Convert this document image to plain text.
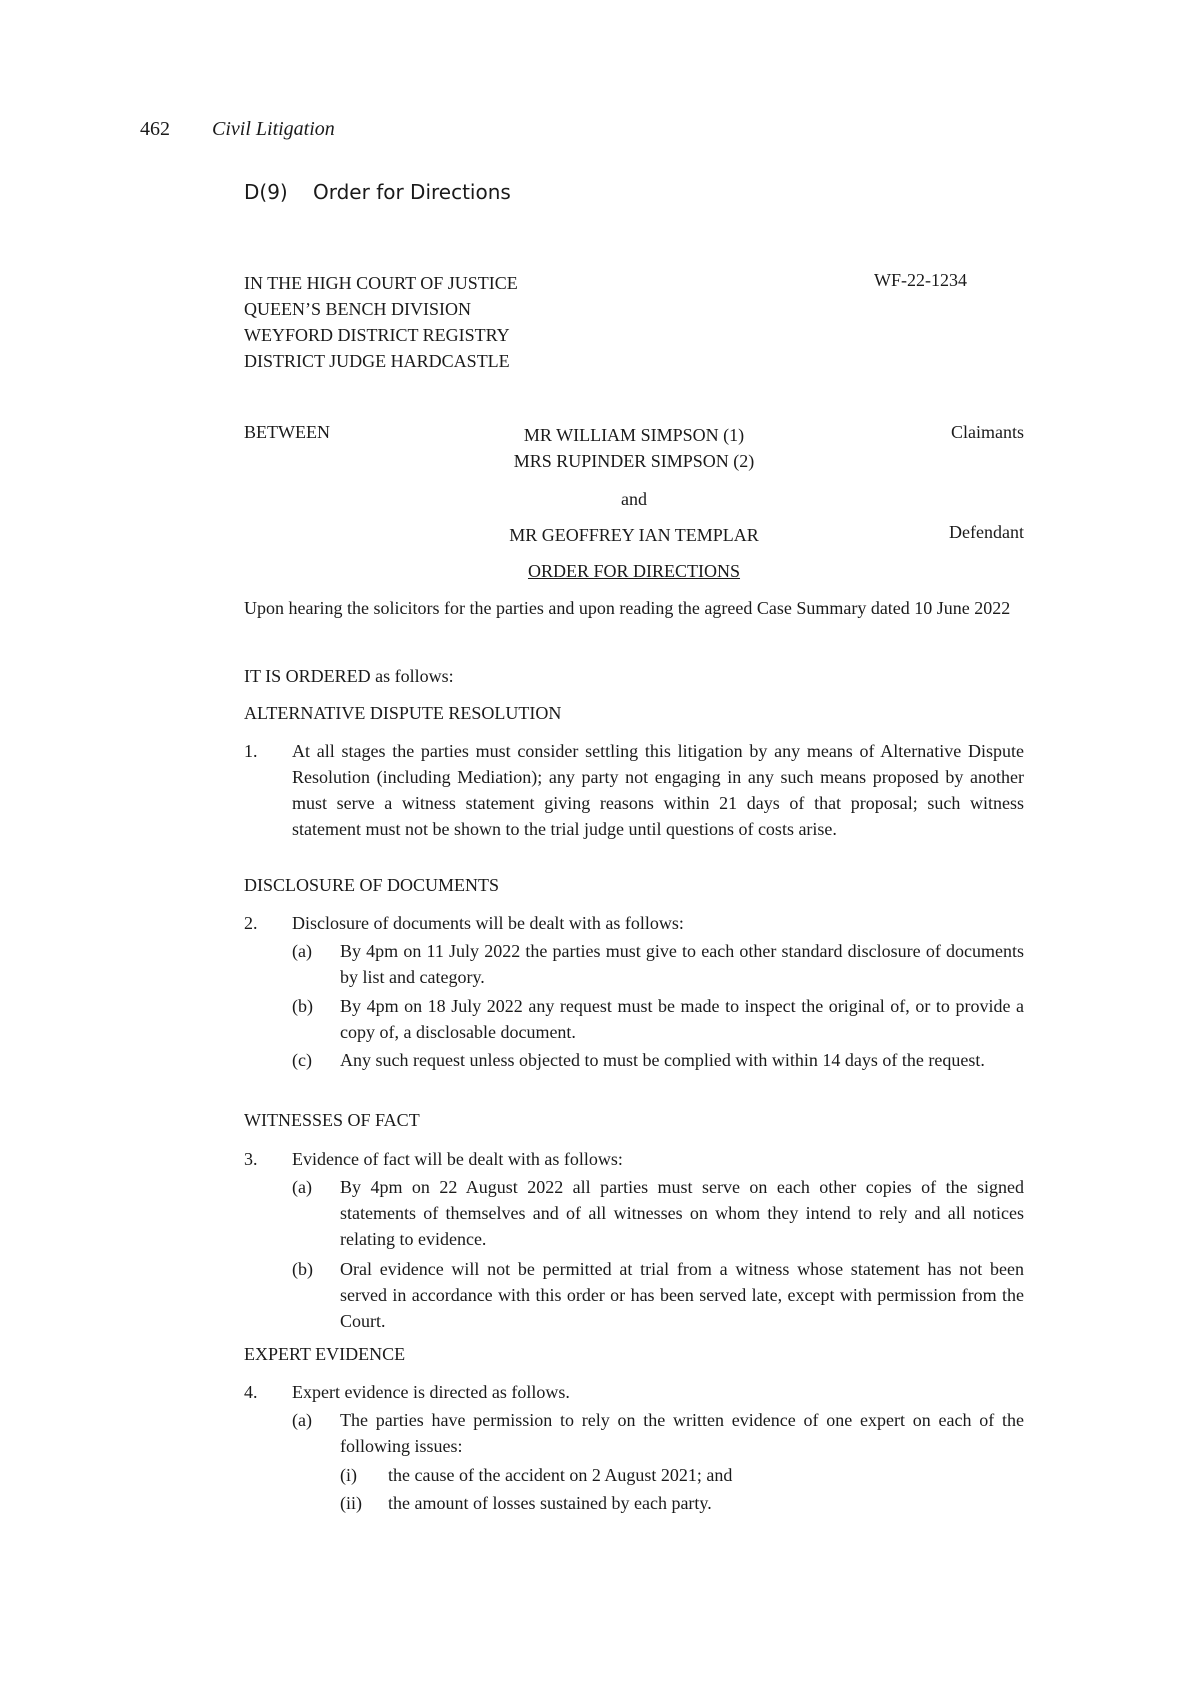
462 Civil Litigation
D(9) Order for Directions
IN THE HIGH COURT OF JUSTICE
QUEEN’S BENCH DIVISION
WEYFORD DISTRICT REGISTRY
DISTRICT JUDGE HARDCASTLE
WF-22-1234
BETWEEN	MR WILLIAM SIMPSON (1)
MRS RUPINDER SIMPSON (2)
Claimants
and
MR GEOFFREY IAN TEMPLAR	Defendant
ORDER FOR DIRECTIONS
Upon hearing the solicitors for the parties and upon reading the agreed Case Summary dated 10 June 2022
IT IS ORDERED as follows:
ALTERNATIVE DISPUTE RESOLUTION
1.	At all stages the parties must consider settling this litigation by any means of Alternative Dispute Resolution (including Mediation); any party not engaging in any such means proposed by another must serve a witness statement giving reasons within 21 days of that proposal; such witness statement must not be shown to the trial judge until questions of costs arise.
DISCLOSURE OF DOCUMENTS
2.	Disclosure of documents will be dealt with as follows:
(a)	By 4pm on 11 July 2022 the parties must give to each other standard disclosure of documents by list and category.
(b)	By 4pm on 18 July 2022 any request must be made to inspect the original of, or to provide a copy of, a disclosable document.
(c)	Any such request unless objected to must be complied with within 14 days of the request.
WITNESSES OF FACT
3.	Evidence of fact will be dealt with as follows:
(a)	By 4pm on 22 August 2022 all parties must serve on each other copies of the signed statements of themselves and of all witnesses on whom they intend to rely and all notices relating to evidence.
(b)	Oral evidence will not be permitted at trial from a witness whose statement has not been served in accordance with this order or has been served late, except with permission from the Court.
EXPERT EVIDENCE
4.	Expert evidence is directed as follows.
(a)	The parties have permission to rely on the written evidence of one expert on each of the following issues:
(i)	the cause of the accident on 2 August 2021; and
(ii)	the amount of losses sustained by each party.
